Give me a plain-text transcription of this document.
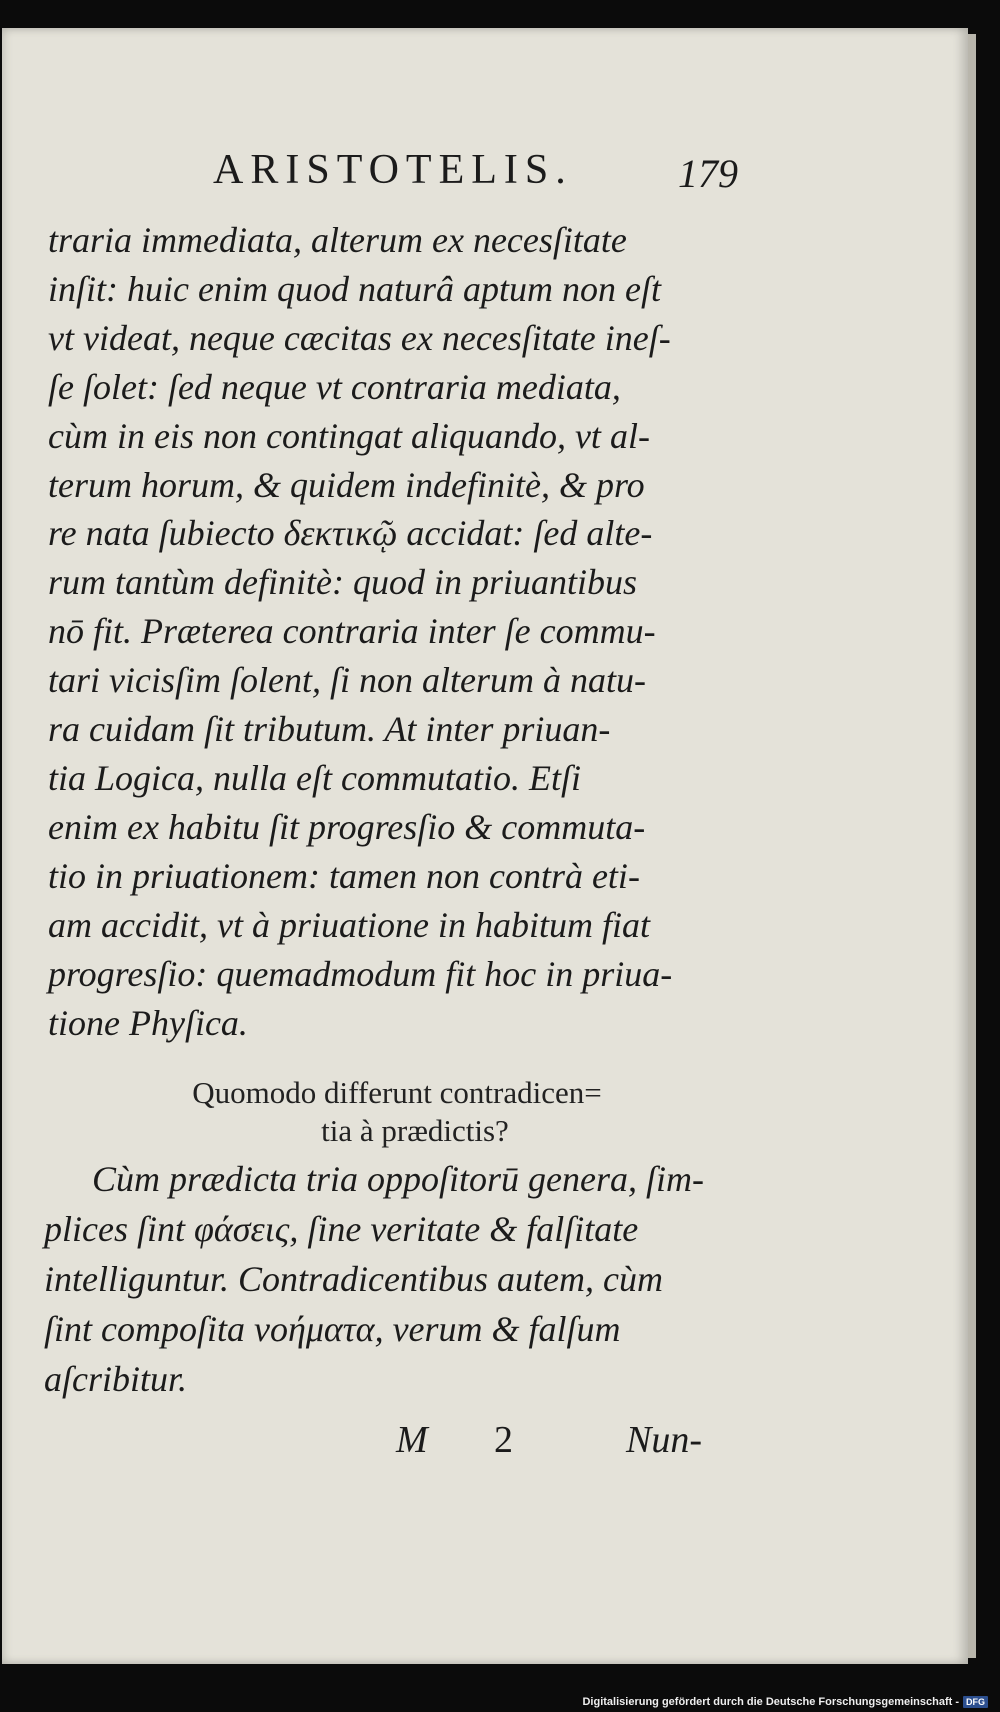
ARISTOTELIS.	179

traria immediata, alterum ex necesſitate
inſit: huic enim quod naturâ aptum non eſt
vt videat, neque cæcitas ex necesſitate ineſ-
ſe ſolet: ſed neque vt contraria mediata,
cùm in eis non contingat aliquando, vt al-
terum horum, & quidem indefinitè, & pro
re nata ſubiecto δεκτικῷ accidat: ſed alte-
rum tantùm definitè: quod in priuantibus
nō fit. Præterea contraria inter ſe commu-
tari vicisſim ſolent, ſi non alterum à natu-
ra cuidam ſit tributum. At inter priuan-
tia Logica, nulla eſt commutatio. Etſi
enim ex habitu ſit progresſio & commuta-
tio in priuationem: tamen non contrà eti-
am accidit, vt à priuatione in habitum fiat
progresſio: quemadmodum fit hoc in priua-
tione Phyſica.

Quomodo differunt contradicen=
tia à prædictis?

Cùm prædicta tria oppoſitorū genera, ſim-
plices ſint φάσεις, ſine veritate & falſitate
intelliguntur. Contradicentibus autem, cùm
ſint compoſita νοήματα, verum & falſum
aſcribitur.

M 2	Nun-
Digitalisierung gefördert durch die Deutsche Forschungsgemeinschaft - DFG
